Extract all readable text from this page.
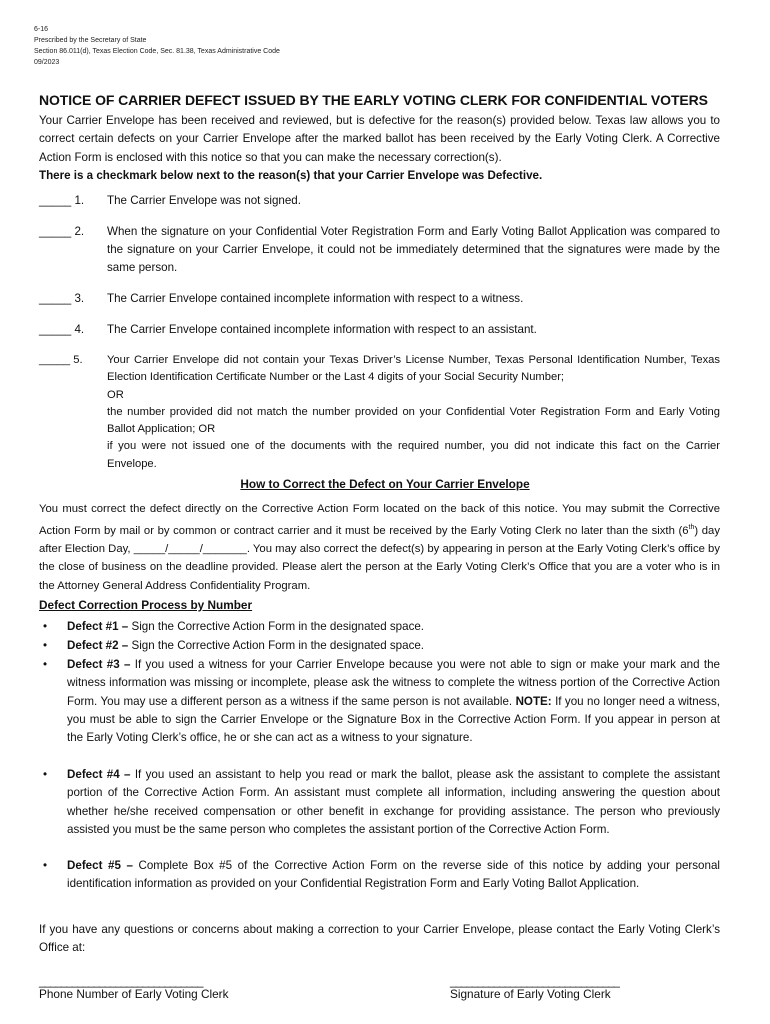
6-16
Prescribed by the Secretary of State
Section 86.011(d), Texas Election Code, Sec. 81.38, Texas Administrative Code
09/2023
NOTICE OF CARRIER DEFECT ISSUED BY THE EARLY VOTING CLERK FOR CONFIDENTIAL VOTERS
Your Carrier Envelope has been received and reviewed, but is defective for the reason(s) provided below. Texas law allows you to correct certain defects on your Carrier Envelope after the marked ballot has been received by the Early Voting Clerk. A Corrective Action Form is enclosed with this notice so that you can make the necessary correction(s).
There is a checkmark below next to the reason(s) that your Carrier Envelope was Defective.
_____ 1.	The Carrier Envelope was not signed.
_____ 2.	When the signature on your Confidential Voter Registration Form and Early Voting Ballot Application was compared to the signature on your Carrier Envelope, it could not be immediately determined that the signatures were made by the same person.
_____ 3.	The Carrier Envelope contained incomplete information with respect to a witness.
_____ 4.	The Carrier Envelope contained incomplete information with respect to an assistant.
_____ 5.	Your Carrier Envelope did not contain your Texas Driver’s License Number, Texas Personal Identification Number, Texas Election Identification Certificate Number or the Last 4 digits of your Social Security Number;
OR
the number provided did not match the number provided on your Confidential Voter Registration Form and Early Voting Ballot Application; OR
if you were not issued one of the documents with the required number, you did not indicate this fact on the Carrier Envelope.
How to Correct the Defect on Your Carrier Envelope
You must correct the defect directly on the Corrective Action Form located on the back of this notice. You may submit the Corrective Action Form by mail or by common or contract carrier and it must be received by the Early Voting Clerk no later than the sixth (6th) day after Election Day, _____/_____/_______. You may also correct the defect(s) by appearing in person at the Early Voting Clerk’s office by the close of business on the deadline provided. Please alert the person at the Early Voting Clerk’s Office that you are a voter who is in the Attorney General Address Confidentiality Program.
Defect Correction Process by Number
• Defect #1 – Sign the Corrective Action Form in the designated space.
• Defect #2 – Sign the Corrective Action Form in the designated space.
• Defect #3 – If you used a witness for your Carrier Envelope because you were not able to sign or make your mark and the witness information was missing or incomplete, please ask the witness to complete the witness portion of the Corrective Action Form. You may use a different person as a witness if the same person is not available. NOTE: If you no longer need a witness, you must be able to sign the Carrier Envelope or the Signature Box in the Corrective Action Form. If you appear in person at the Early Voting Clerk’s office, he or she can act as a witness to your signature.
• Defect #4 – If you used an assistant to help you read or mark the ballot, please ask the assistant to complete the assistant portion of the Corrective Action Form. An assistant must complete all information, including answering the question about whether he/she received compensation or other benefit in exchange for providing assistance. The person who previously assisted you must be the same person who completes the assistant portion of the Corrective Action Form.
• Defect #5 – Complete Box #5 of the Corrective Action Form on the reverse side of this notice by adding your personal identification information as provided on your Confidential Registration Form and Early Voting Ballot Application.
If you have any questions or concerns about making a correction to your Carrier Envelope, please contact the Early Voting Clerk’s Office at:
______________________________	_______________________________
Phone Number of Early Voting Clerk	Signature of Early Voting Clerk
